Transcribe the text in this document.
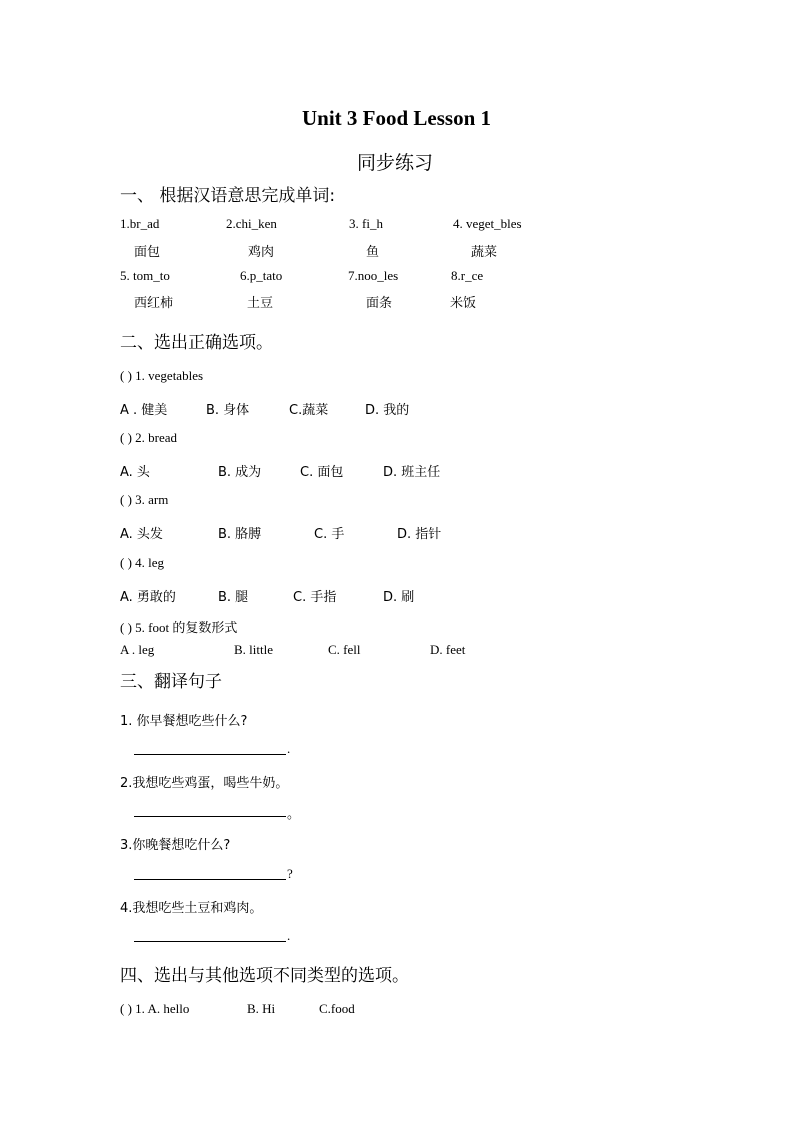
Unit 3 Food Lesson 1
同步练习
一、 根据汉语意思完成单词:
1.br_ad	2.chi_ken	3. fi_h	4. veget_bles
面包	鸡肉	鱼	蔬菜
5. tom_to	6.p_tato	7.noo_les	8.r_ce
西红柿	土豆	面条	米饭
二、选出正确选项。
( ) 1. vegetables
A . 健美	B. 身体	C.蔬菜	D. 我的
( ) 2. bread
A. 头	B. 成为	C. 面包	D. 班主任
( ) 3. arm
A. 头发	B. 胳膊	C. 手	D. 指针
( ) 4. leg
A. 勇敢的	B. 腿	C. 手指	D. 刷
( ) 5. foot 的复数形式
A . leg	B. little	C. fell	D. feet
三、翻译句子
1. 你早餐想吃些什么?
.
2.我想吃些鸡蛋，喝些牛奶。
。
3.你晚餐想吃什么?
?
4.我想吃些土豆和鸡肉。
.
四、选出与其他选项不同类型的选项。
( ) 1. A. hello	B. Hi	C.food
